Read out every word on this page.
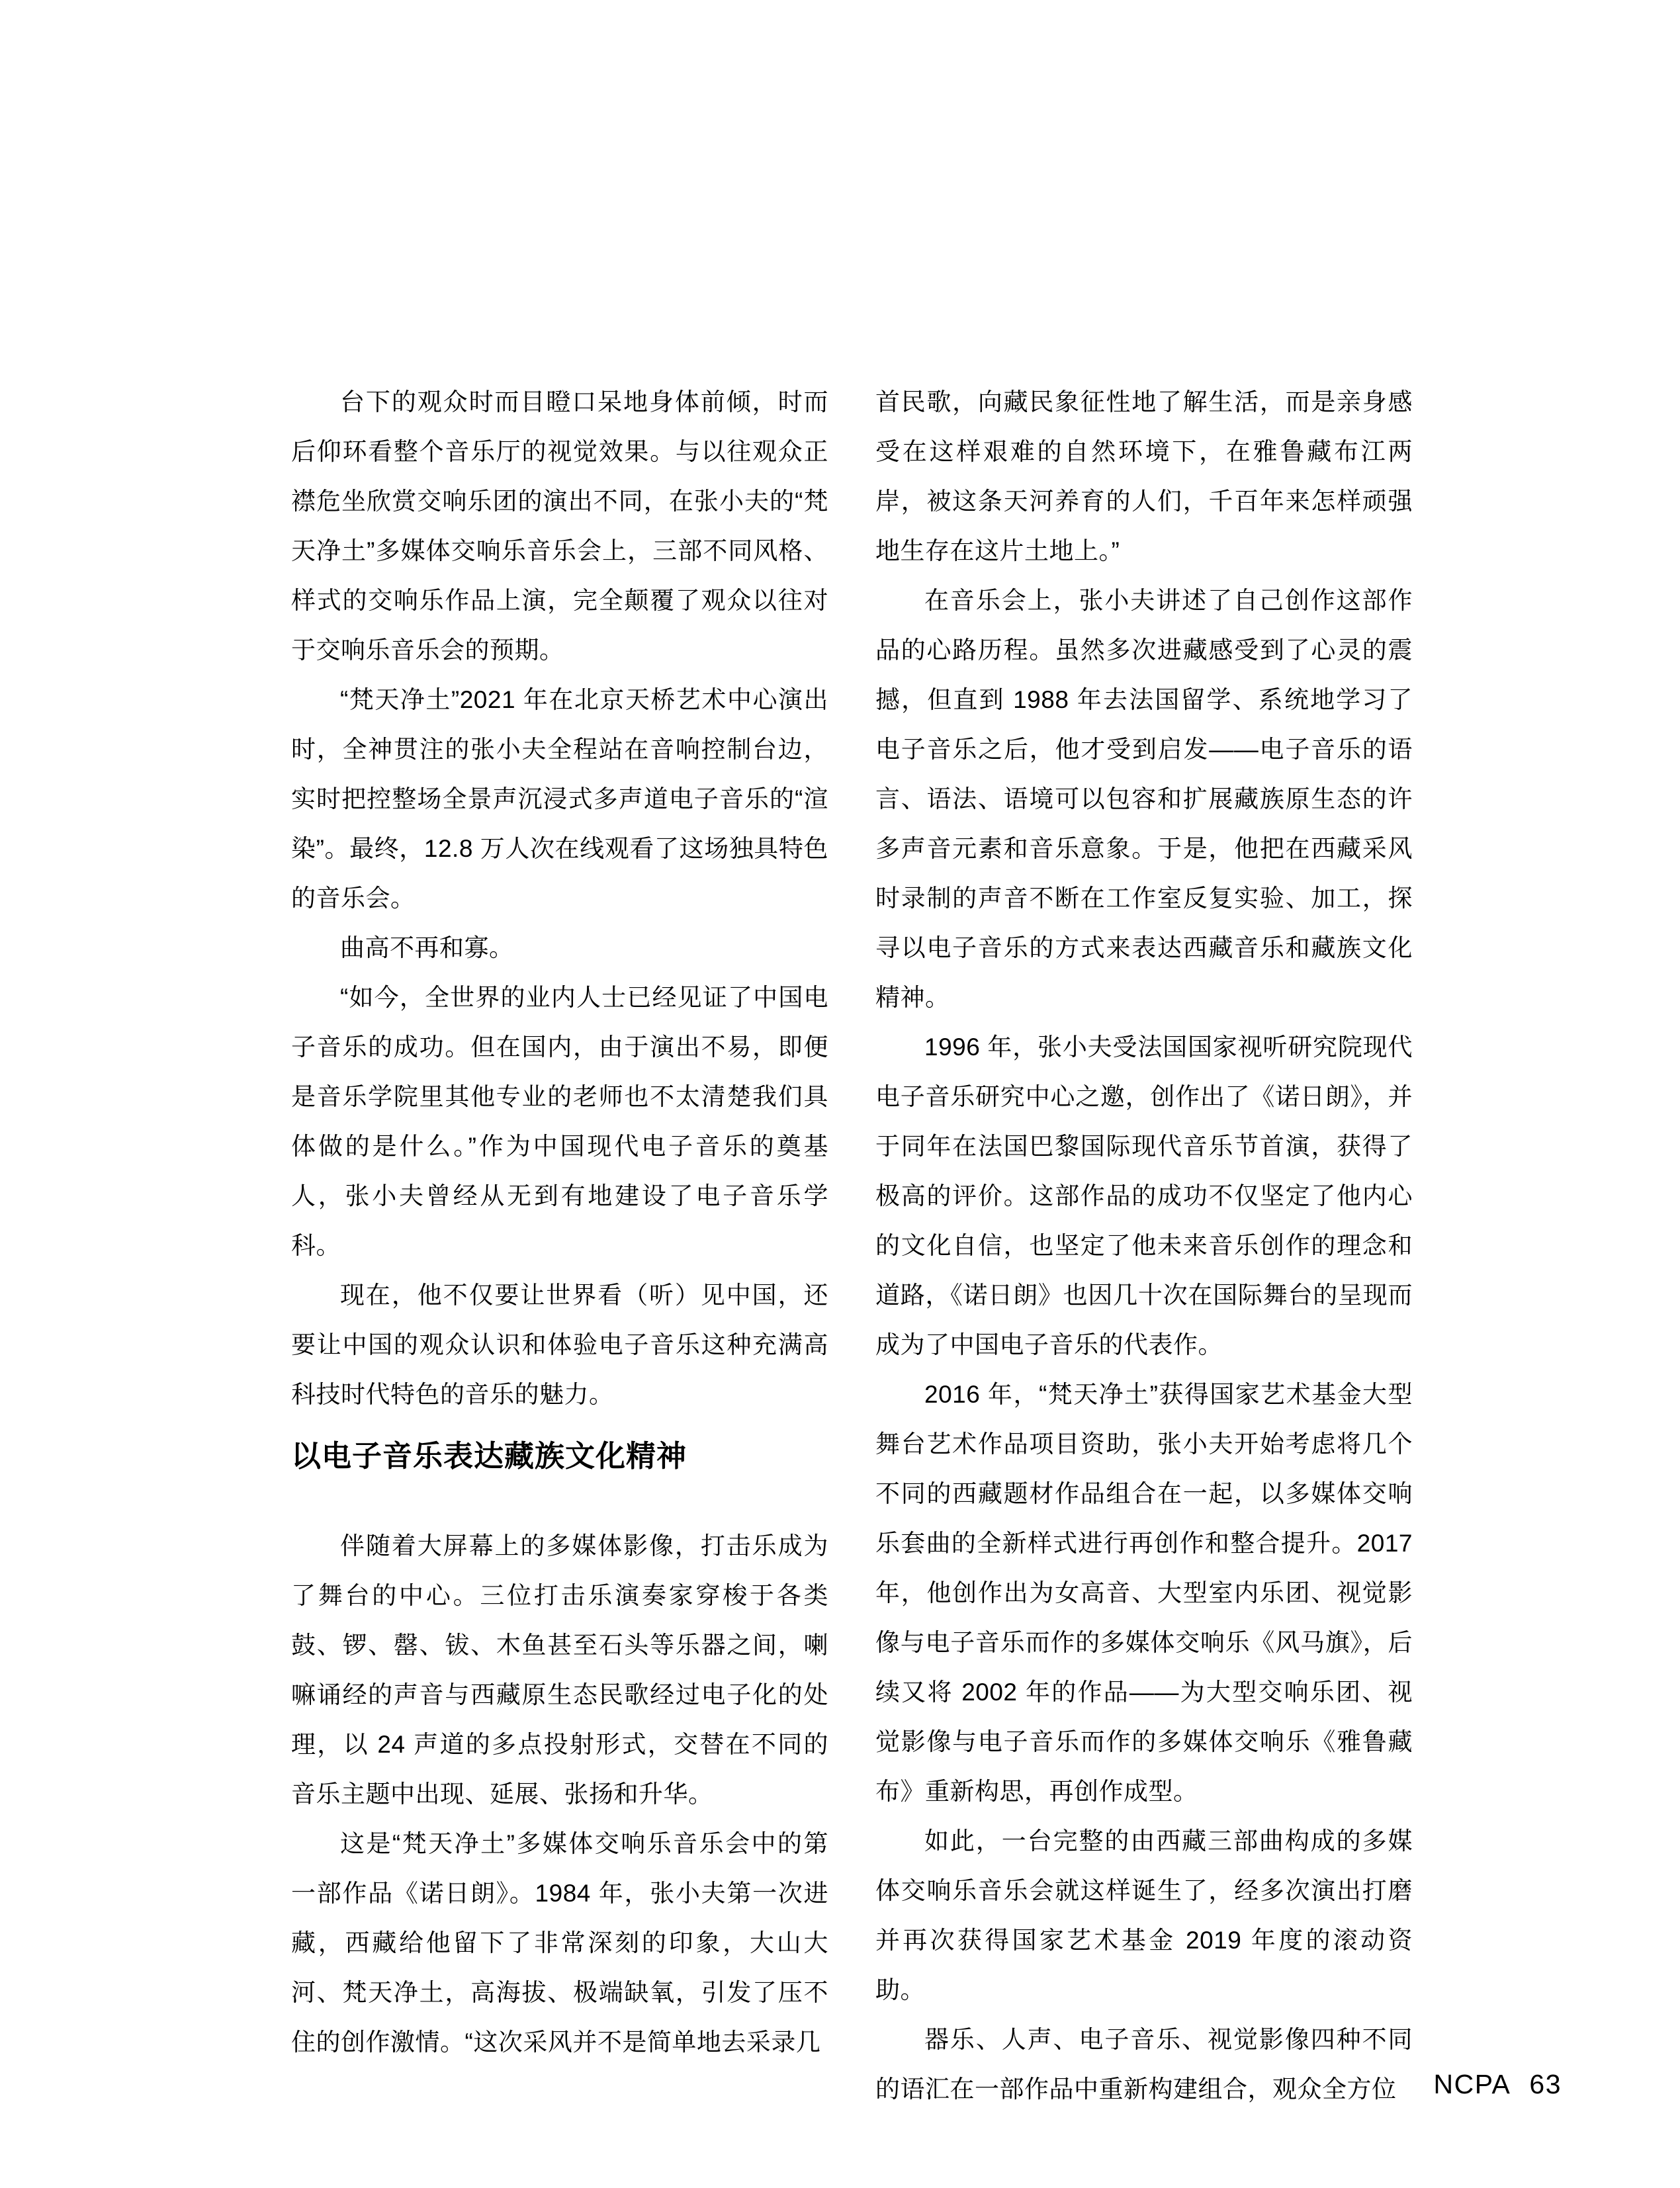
台下的观众时而目瞪口呆地身体前倾，时而后仰环看整个音乐厅的视觉效果。与以往观众正襟危坐欣赏交响乐团的演出不同，在张小夫的“梵天净土”多媒体交响乐音乐会上，三部不同风格、样式的交响乐作品上演，完全颠覆了观众以往对于交响乐音乐会的预期。

“梵天净土”2021 年在北京天桥艺术中心演出时，全神贯注的张小夫全程站在音响控制台边，实时把控整场全景声沉浸式多声道电子音乐的“渲染”。最终，12.8 万人次在线观看了这场独具特色的音乐会。

曲高不再和寡。

“如今，全世界的业内人士已经见证了中国电子音乐的成功。但在国内，由于演出不易，即便是音乐学院里其他专业的老师也不太清楚我们具体做的是什么。”作为中国现代电子音乐的奠基人，张小夫曾经从无到有地建设了电子音乐学科。

现在，他不仅要让世界看（听）见中国，还要让中国的观众认识和体验电子音乐这种充满高科技时代特色的音乐的魅力。

以电子音乐表达藏族文化精神

伴随着大屏幕上的多媒体影像，打击乐成为了舞台的中心。三位打击乐演奏家穿梭于各类鼓、锣、罄、钹、木鱼甚至石头等乐器之间，喇嘛诵经的声音与西藏原生态民歌经过电子化的处理，以 24 声道的多点投射形式，交替在不同的音乐主题中出现、延展、张扬和升华。

这是“梵天净土”多媒体交响乐音乐会中的第一部作品《诺日朗》。1984 年，张小夫第一次进藏，西藏给他留下了非常深刻的印象，大山大河、梵天净土，高海拔、极端缺氧，引发了压不住的创作激情。“这次采风并不是简单地去采录几

首民歌，向藏民象征性地了解生活，而是亲身感受在这样艰难的自然环境下，在雅鲁藏布江两岸，被这条天河养育的人们，千百年来怎样顽强地生存在这片土地上。”

在音乐会上，张小夫讲述了自己创作这部作品的心路历程。虽然多次进藏感受到了心灵的震撼，但直到 1988 年去法国留学、系统地学习了电子音乐之后，他才受到启发——电子音乐的语言、语法、语境可以包容和扩展藏族原生态的许多声音元素和音乐意象。于是，他把在西藏采风时录制的声音不断在工作室反复实验、加工，探寻以电子音乐的方式来表达西藏音乐和藏族文化精神。

1996 年，张小夫受法国国家视听研究院现代电子音乐研究中心之邀，创作出了《诺日朗》，并于同年在法国巴黎国际现代音乐节首演，获得了极高的评价。这部作品的成功不仅坚定了他内心的文化自信，也坚定了他未来音乐创作的理念和道路，《诺日朗》也因几十次在国际舞台的呈现而成为了中国电子音乐的代表作。

2016 年，“梵天净土”获得国家艺术基金大型舞台艺术作品项目资助，张小夫开始考虑将几个不同的西藏题材作品组合在一起，以多媒体交响乐套曲的全新样式进行再创作和整合提升。2017 年，他创作出为女高音、大型室内乐团、视觉影像与电子音乐而作的多媒体交响乐《风马旗》，后续又将 2002 年的作品——为大型交响乐团、视觉影像与电子音乐而作的多媒体交响乐《雅鲁藏布》重新构思，再创作成型。

如此，一台完整的由西藏三部曲构成的多媒体交响乐音乐会就这样诞生了，经多次演出打磨并再次获得国家艺术基金 2019 年度的滚动资助。

器乐、人声、电子音乐、视觉影像四种不同的语汇在一部作品中重新构建组合，观众全方位	NCPA 63
